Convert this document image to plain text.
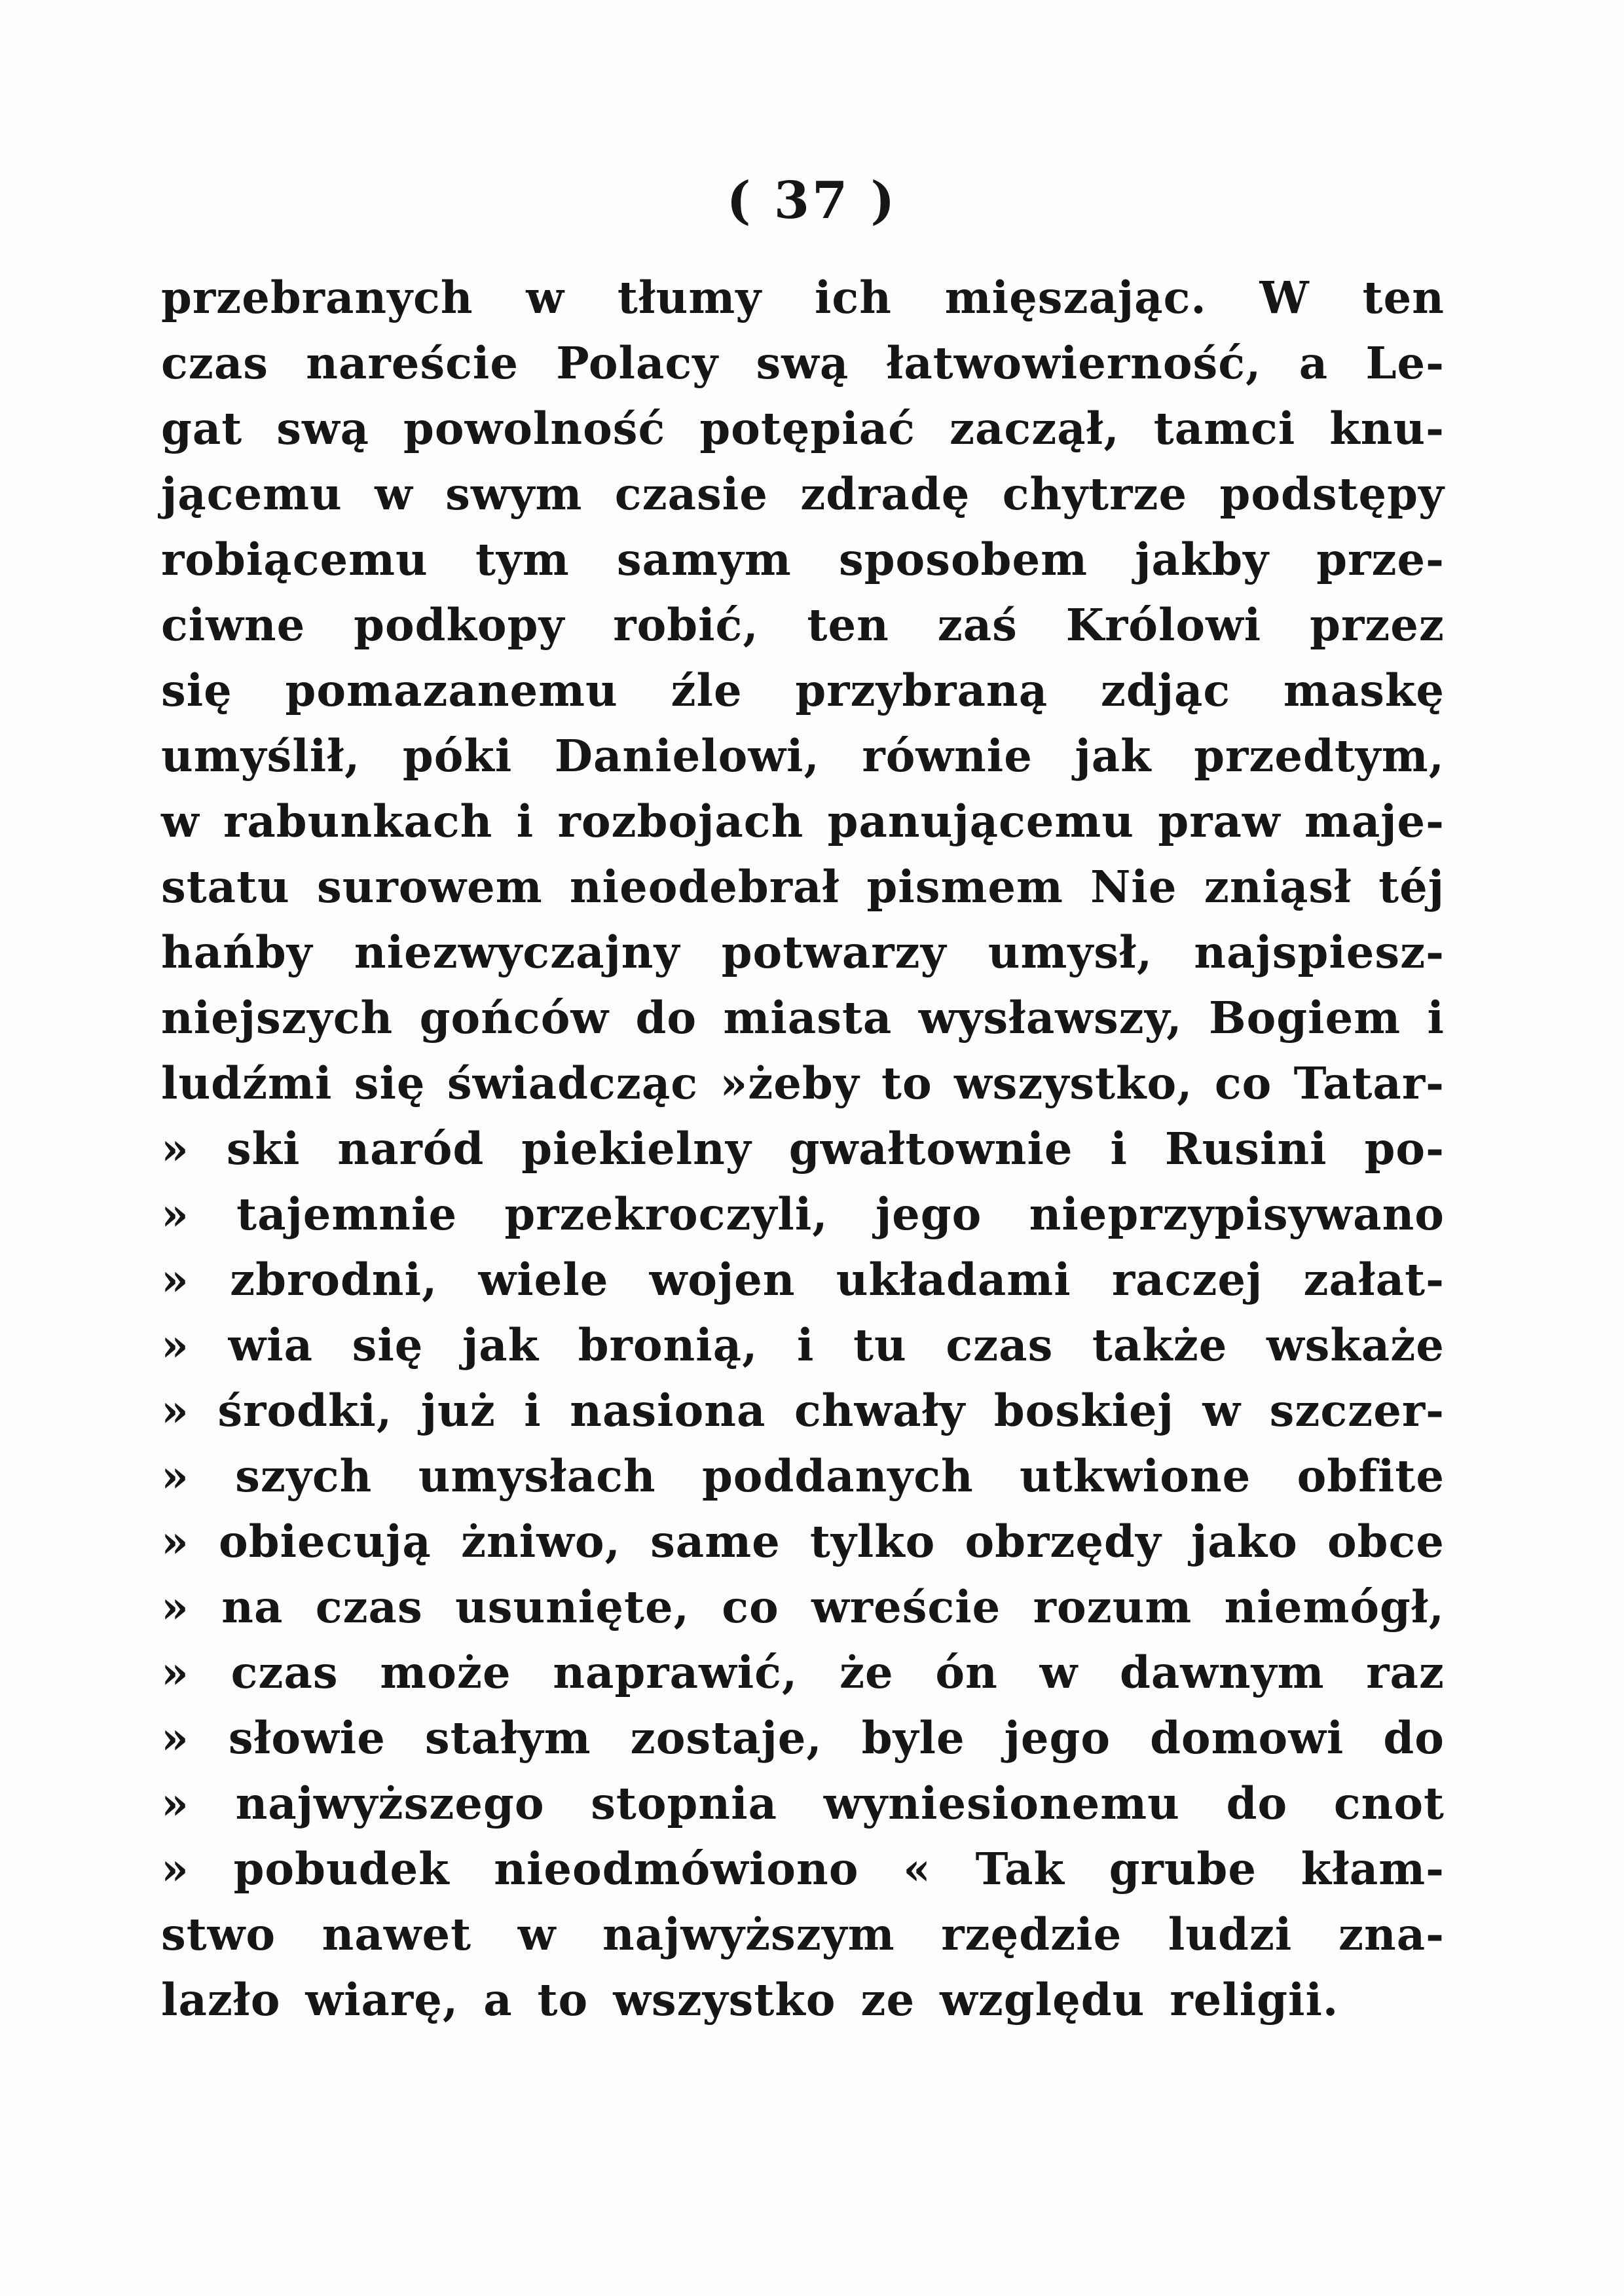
( 37 )
przebranych w tłumy ich mięszając. W ten
czas nareście Polacy swą łatwowierność, a Le-
gat swą powolność potępiać zaczął, tamci knu-
jącemu w swym czasie zdradę chytrze podstępy
robiącemu tym samym sposobem jakby prze-
ciwne podkopy robić, ten zaś Królowi przez
się pomazanemu źle przybraną zdjąc maskę
umyślił, póki Danielowi, równie jak przedtym,
w rabunkach i rozbojach panującemu praw maje-
statu surowem nieodebrał pismem Nie zniąsł téj
hańby niezwyczajny potwarzy umysł, najspiesz-
niejszych gońców do miasta wysławszy, Bogiem i
ludźmi się świadcząc »żeby to wszystko, co Tatar-
» ski naród piekielny gwałtownie i Rusini po-
» tajemnie przekroczyli, jego nieprzypisywano
» zbrodni, wiele wojen układami raczej załat-
» wia się jak bronią, i tu czas także wskaże
» środki, już i nasiona chwały boskiej w szczer-
» szych umysłach poddanych utkwione obfite
» obiecują żniwo, same tylko obrzędy jako obce
» na czas usunięte, co wreście rozum niemógł,
» czas może naprawić, że ón w dawnym raz
» słowie stałym zostaje, byle jego domowi do
» najwyższego stopnia wyniesionemu do cnot
» pobudek nieodmówiono « Tak grube kłam-
stwo nawet w najwyższym rzędzie ludzi zna-
lazło wiarę, a to wszystko ze względu religii.
